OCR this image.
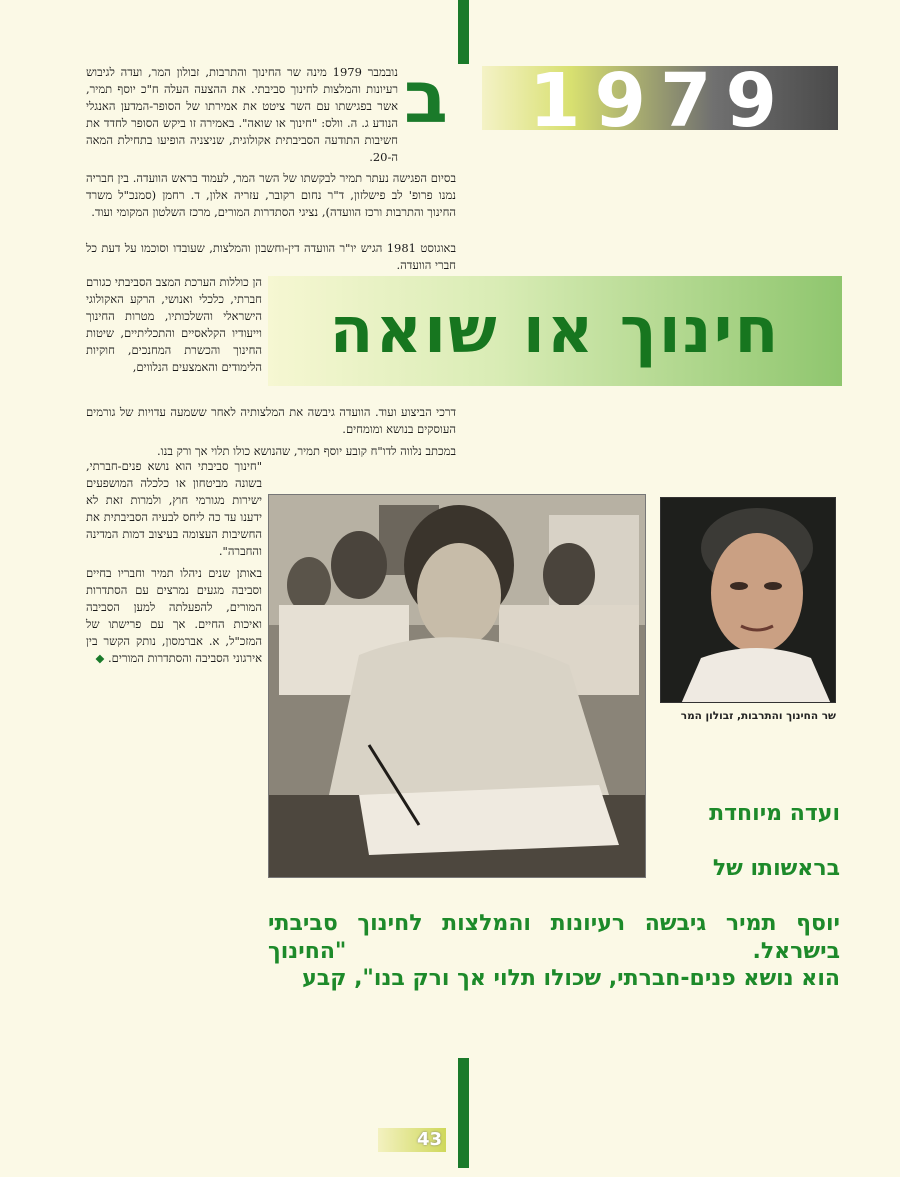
1979
ב

נובמבר 1979 מינה שר החינוך והתרבות, זבולון המר, ועדה לגיבוש רעיונות והמלצות לחינוך סביבתי. את ההצעה העלה ח"כ יוסף תמיר, אשר בפגישתו עם השר ציטט את אמירתו של הסופר-המדען האנגלי הנודע ג. ה. וולס: "חינוך או שואה". באמירה זו ביקש הסופר לחדד את חשיבות התודעה הסביבתית אקולוגית, שניצניה הופיעו בתחילת המאה ה-20.

בסיום הפגישה נעתר תמיר לבקשתו של השר המר, לעמוד בראש הוועדה. בין חבריה נמנו פרופ' לב פישלזון, ד"ר נחום רקובר, עזריה אלון, ד. רחמן (סמנכ"ל משרד החינוך והתרבות ורכז הוועדה), נציגי הסתדרות המורים, מרכז השלטון המקומי ועוד.

באוגוסט 1981 הגיש יו"ר הוועדה דין-וחשבון והמלצות, שעובדו וסוכמו על דעת כל חברי הוועדה.

הן כוללות הערכת המצב הסביבתי כגורם חברתי, כלכלי ואנושי, הרקע האקולוגי הישראלי והשלכותיו, מטרות החינוך וייעודיו הקלאסיים והתכליתיים, שיטות החינוך והכשרת המחנכים, חוקיות הלימודים והאמצעים הנלווים, חינוך או שואה

דרכי הביצוע ועוד. הוועדה גיבשה את המלצותיה לאחר ששמעה עדויות של גורמים העוסקים בנושא ומומחים.

במכתב נלווה לדו"ח קובע יוסף תמיר, שהנושא כולו תלוי אך ורק בנו.

"חינוך סביבתי הוא נושא פנים-חברתי, בשונה מביטחון או כלכלה המושפעים ישירות מגורמי חוץ, ולמרות זאת לא ידענו עד כה ליחס לבעיה הסביבתית את החשיבות העצומה בעיצוב דמות המדינה והחברה".

באותן שנים ניהלו תמיר וחבריו בחיים וסביבה מגעים נמרצים עם הסתדרות המורים, להפעלתה למען הסביבה ואיכות החיים. אך עם פרישתו של המזכ"ל, א. אברמסון, נותק הקשר בין אירגוני הסביבה והסתדרות המורים. ◆

שר החינוך והתרבות, זבולון המר
ועדה מיוחדת
בראשותו של
יוסף תמיר גיבשה רעיונות והמלצות לחינוך סביבתי בישראל. "החינוך
הוא נושא פנים-חברתי, שכולו תלוי אך ורק בנו", קבע
43
